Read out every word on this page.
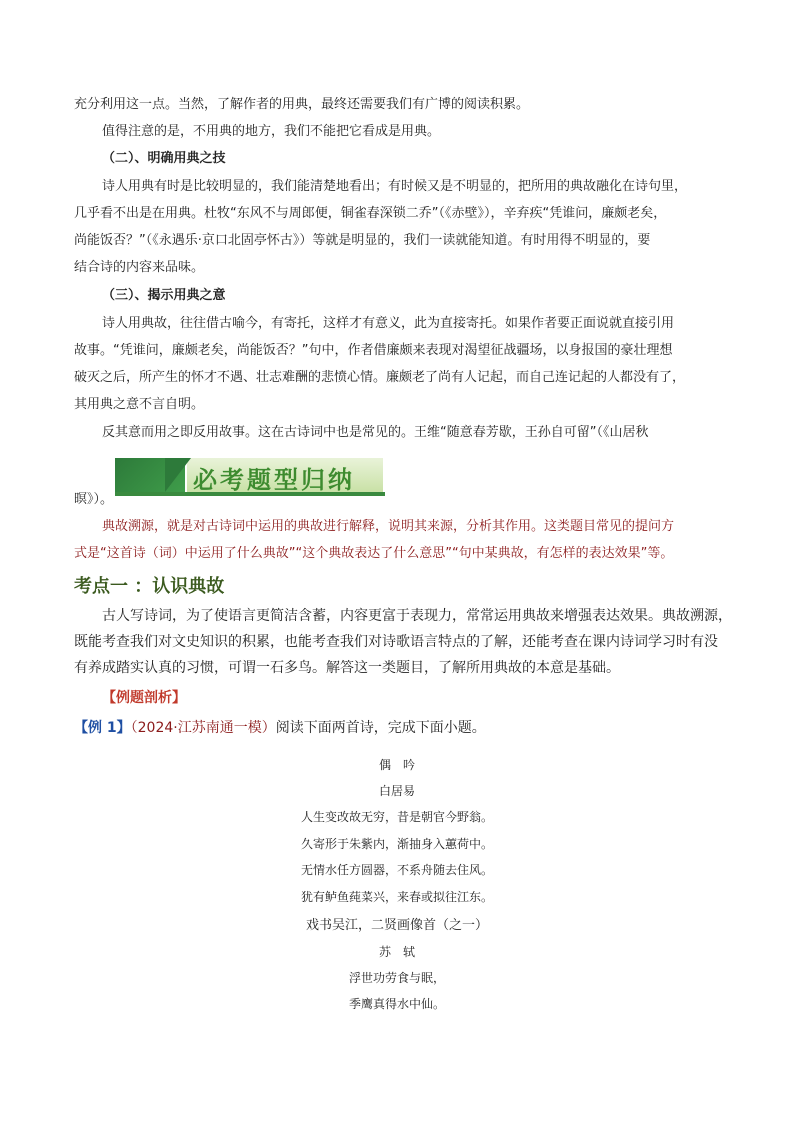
充分利用这一点。当然，了解作者的用典，最终还需要我们有广博的阅读积累。
值得注意的是，不用典的地方，我们不能把它看成是用典。
（二）、明确用典之技
诗人用典有时是比较明显的，我们能清楚地看出；有时候又是不明显的，把所用的典故融化在诗句里，
几乎看不出是在用典。杜牧“东风不与周郎便，铜雀春深锁二乔”（《赤壁》），辛弃疾“凭谁问，廉颇老矣，
尚能饭否？”（《永遇乐·京口北固亭怀古》）等就是明显的，我们一读就能知道。有时用得不明显的，要
结合诗的内容来品味。
（三）、揭示用典之意
诗人用典故，往往借古喻今，有寄托，这样才有意义，此为直接寄托。如果作者要正面说就直接引用
故事。“凭谁问，廉颇老矣，尚能饭否？”句中，作者借廉颇来表现对渴望征战疆场，以身报国的豪壮理想
破灭之后，所产生的怀才不遇、壮志难酬的悲愤心情。廉颇老了尚有人记起，而自己连记起的人都没有了，
其用典之意不言自明。
反其意而用之即反用故事。这在古诗词中也是常见的。王维“随意春芳歇，王孙自可留”（《山居秋
暝》）。
必考题型归纳
典故溯源，就是对古诗词中运用的典故进行解释，说明其来源，分析其作用。这类题目常见的提问方
式是“这首诗（词）中运用了什么典故”“这个典故表达了什么意思”“句中某典故，有怎样的表达效果”等。
考点一 ：认识典故
古人写诗词，为了使语言更简洁含蓄，内容更富于表现力，常常运用典故来增强表达效果。典故溯源，
既能考查我们对文史知识的积累，也能考查我们对诗歌语言特点的了解，还能考查在课内诗词学习时有没
有养成踏实认真的习惯，可谓一石多鸟。解答这一类题目，了解所用典故的本意是基础。
【例题剖析】
【例 1】（2024·江苏南通一模）阅读下面两首诗，完成下面小题。
偶　吟
白居易
人生变改故无穷，昔是朝官今野翁。
久寄形于朱紫内，渐抽身入蕙荷中。
无情水任方圆器，不系舟随去住风。
犹有鲈鱼莼菜兴，来春或拟往江东。
戏书吴江，二贤画像首（之一）
苏　轼
浮世功劳食与眠，
季鹰真得水中仙。
